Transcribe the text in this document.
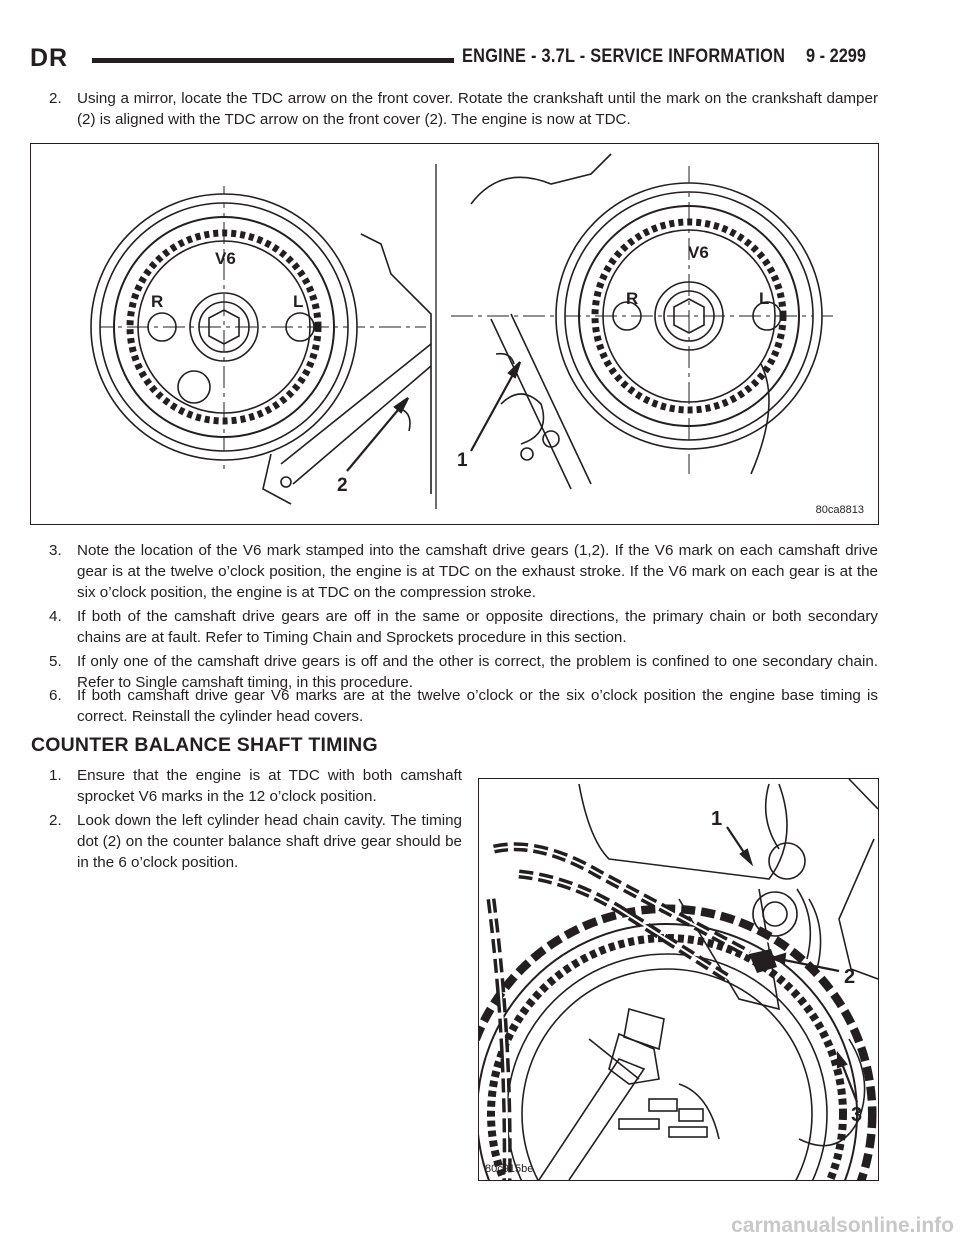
DR	ENGINE - 3.7L - SERVICE INFORMATION 9 - 2299
2.	Using a mirror, locate the TDC arrow on the front cover. Rotate the crankshaft until the mark on the crankshaft damper (2) is aligned with the TDC arrow on the front cover (2). The engine is now at TDC.
V6
R	L
V6
R	L
2
1
80ca8813
3.	Note the location of the V6 mark stamped into the camshaft drive gears (1,2). If the V6 mark on each camshaft drive gear is at the twelve o’clock position, the engine is at TDC on the exhaust stroke. If the V6 mark on each gear is at the six o’clock position, the engine is at TDC on the compression stroke.
4.	If both of the camshaft drive gears are off in the same or opposite directions, the primary chain or both secondary chains are at fault. Refer to Timing Chain and Sprockets procedure in this section.
5.	If only one of the camshaft drive gears is off and the other is correct, the problem is confined to one secondary chain. Refer to Single camshaft timing, in this procedure.
6.	If both camshaft drive gear V6 marks are at the twelve o’clock or the six o’clock position the engine base timing is correct. Reinstall the cylinder head covers.
COUNTER BALANCE SHAFT TIMING
1.	Ensure that the engine is at TDC with both camshaft sprocket V6 marks in the 12 o’clock position.
2.	Look down the left cylinder head chain cavity. The timing dot (2) on the counter balance shaft drive gear should be in the 6 o’clock position.
1
2
3
80c915be
carmanualsonline.info
